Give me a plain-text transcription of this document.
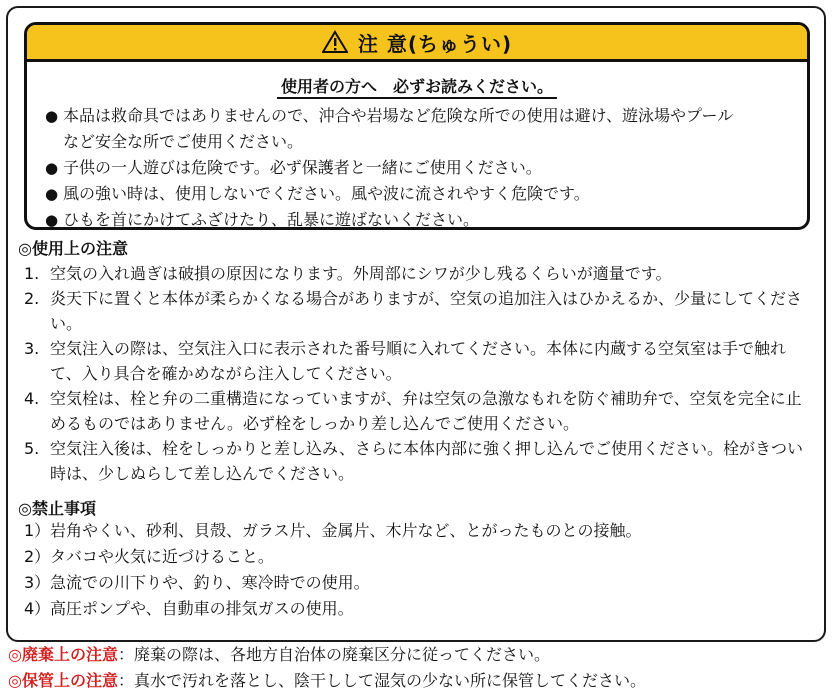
注 意(ちゅうい)
使用者の方へ　必ずお読みください。
● 本品は救命具ではありませんので、沖合や岩場など危険な所での使用は避け、遊泳場やプール
など安全な所でご使用ください。
● 子供の一人遊びは危険です。必ず保護者と一緒にご使用ください。
● 風の強い時は、使用しないでください。風や波に流されやすく危険です。
● ひもを首にかけてふざけたり、乱暴に遊ばないください。
◎使用上の注意
1. 空気の入れ過ぎは破損の原因になります。外周部にシワが少し残るくらいが適量です。
2. 炎天下に置くと本体が柔らかくなる場合がありますが、空気の追加注入はひかえるか、少量にしてください。
3. 空気注入の際は、空気注入口に表示された番号順に入れてください。本体に内蔵する空気室は手で触れて、入り具合を確かめながら注入してください。
4. 空気栓は、栓と弁の二重構造になっていますが、弁は空気の急激なもれを防ぐ補助弁で、空気を完全に止めるものではありません。必ず栓をしっかり差し込んでご使用ください。
5. 空気注入後は、栓をしっかりと差し込み、さらに本体内部に強く押し込んでご使用ください。栓がきつい時は、少しぬらして差し込んでください。
◎禁止事項
1） 岩角やくい、砂利、貝殻、ガラス片、金属片、木片など、とがったものとの接触。
2） タバコや火気に近づけること。
3） 急流での川下りや、釣り、寒冷時での使用。
4） 高圧ポンプや、自動車の排気ガスの使用。
◎廃棄上の注意：廃棄の際は、各地方自治体の廃棄区分に従ってください。
◎保管上の注意：真水で汚れを落とし、陰干しして湿気の少ない所に保管してください。
